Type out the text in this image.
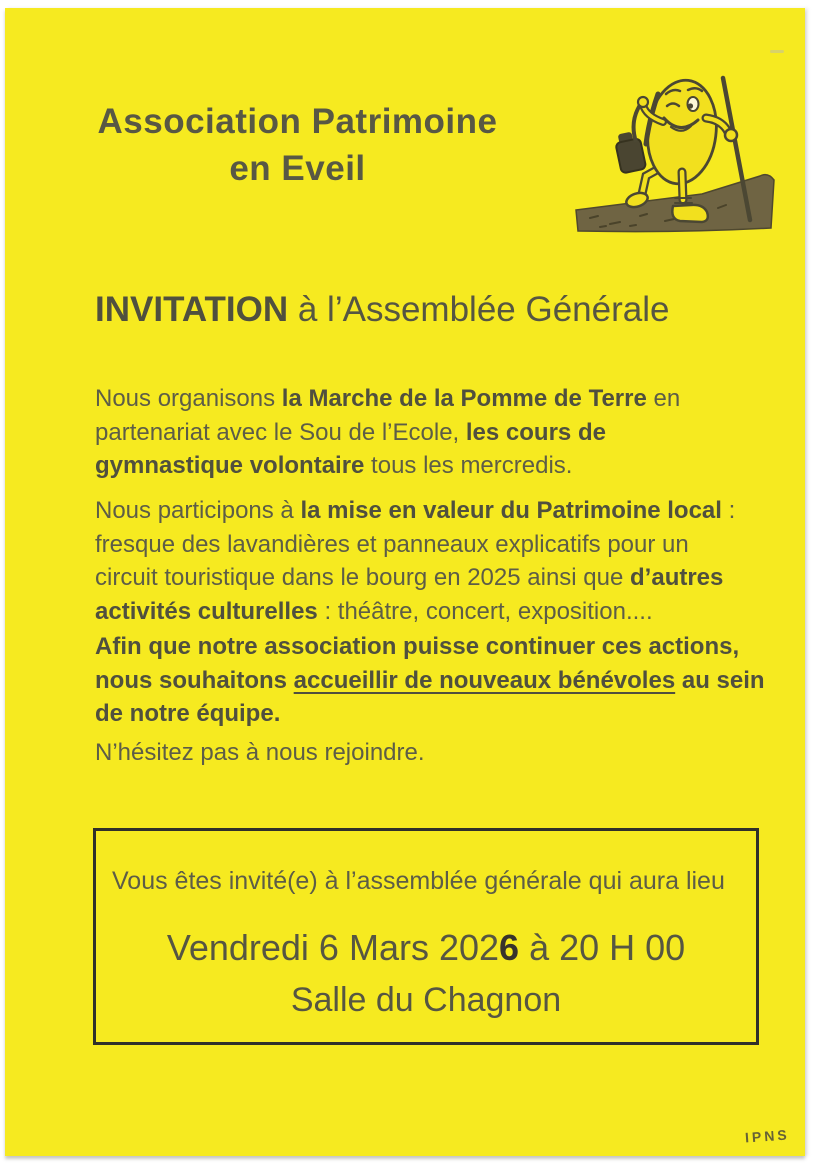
Association Patrimoine
en Eveil
INVITATION à l’Assemblée Générale

Nous organisons la Marche de la Pomme de Terre en partenariat avec le Sou de l’Ecole, les cours de gymnastique volontaire tous les mercredis.

Nous participons à la mise en valeur du Patrimoine local : fresque des lavandières et panneaux explicatifs pour un circuit touristique dans le bourg en 2025 ainsi que d’autres activités culturelles : théâtre, concert, exposition....

Afin que notre association puisse continuer ces actions, nous souhaitons accueillir de nouveaux bénévoles au sein de notre équipe.

N’hésitez pas à nous rejoindre.

Vous êtes invité(e) à l’assemblée générale qui aura lieu
Vendredi 6 Mars 2026 à 20 H 00
Salle du Chagnon
IPNS
